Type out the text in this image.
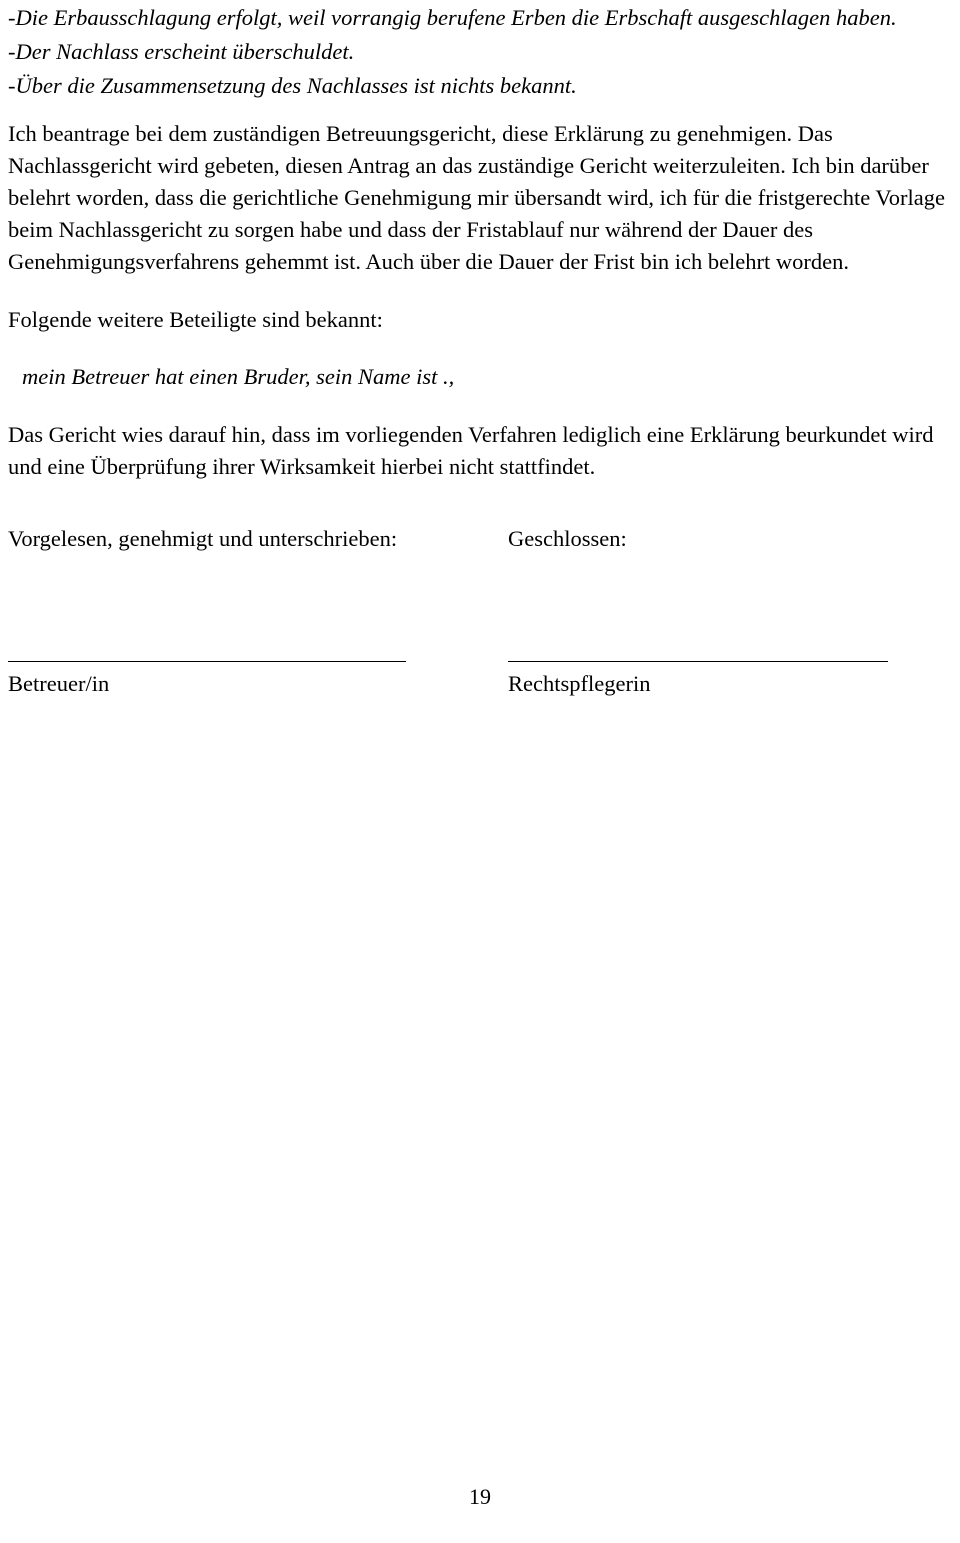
-Die Erbausschlagung erfolgt, weil vorrangig berufene Erben die Erbschaft ausgeschlagen haben.

-Der Nachlass erscheint überschuldet.

-Über die Zusammensetzung des Nachlasses ist nichts bekannt.

Ich beantrage bei dem zuständigen Betreuungsgericht, diese Erklärung zu genehmigen. Das Nachlassgericht wird gebeten, diesen Antrag an das zuständige Gericht weiterzuleiten. Ich bin darüber belehrt worden, dass die gerichtliche Genehmigung mir übersandt wird, ich für die fristgerechte Vorlage beim Nachlassgericht zu sorgen habe und dass der Fristablauf nur während der Dauer des Genehmigungsverfahrens gehemmt ist. Auch über die Dauer der Frist bin ich belehrt worden.

Folgende weitere Beteiligte sind bekannt:

mein Betreuer hat einen Bruder, sein Name ist .,

Das Gericht wies darauf hin, dass im vorliegenden Verfahren lediglich eine Erklärung beurkundet wird und eine Überprüfung ihrer Wirksamkeit hierbei nicht stattfindet.

Vorgelesen, genehmigt und unterschrieben:	Geschlossen:
Betreuer/in	Rechtspflegerin
19
